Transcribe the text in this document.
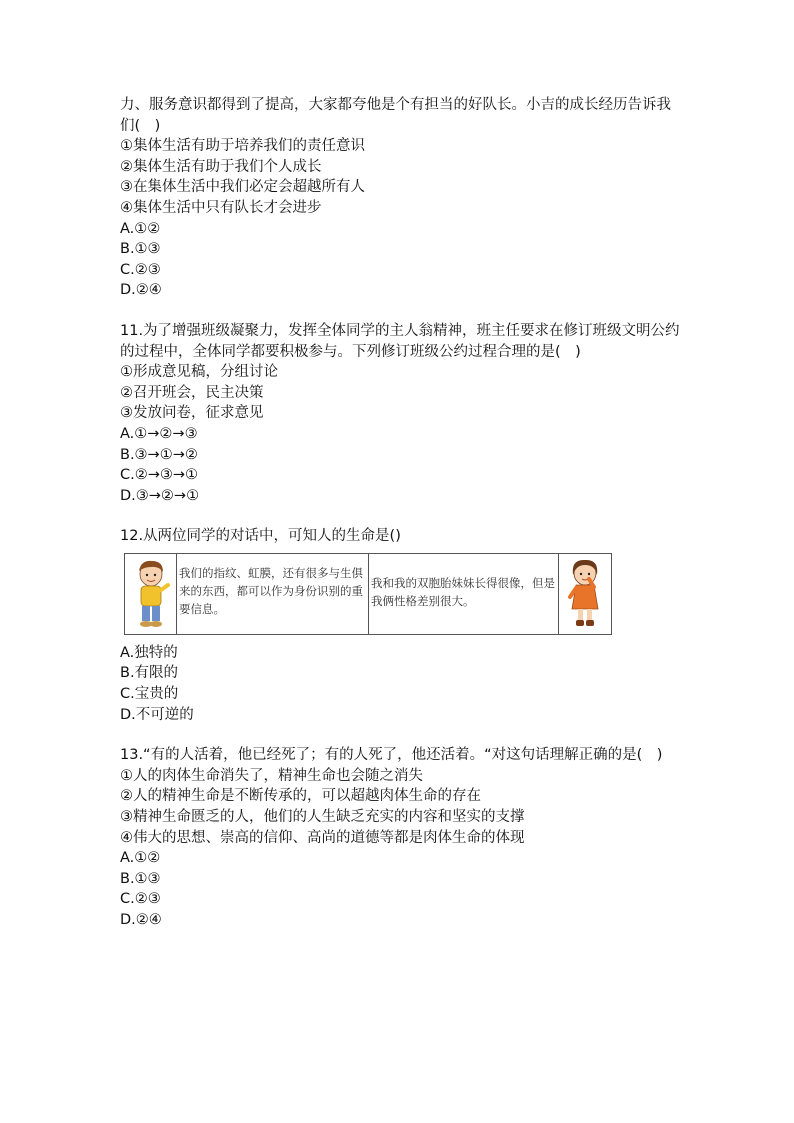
力、服务意识都得到了提高，大家都夸他是个有担当的好队长。小吉的成长经历告诉我们(　)
①集体生活有助于培养我们的责任意识
②集体生活有助于我们个人成长
③在集体生活中我们必定会超越所有人
④集体生活中只有队长才会进步
A.①②
B.①③
C.②③
D.②④
11.为了增强班级凝聚力，发挥全体同学的主人翁精神，班主任要求在修订班级文明公约的过程中，全体同学都要积极参与。下列修订班级公约过程合理的是(　)
①形成意见稿，分组讨论
②召开班会，民主决策
③发放问卷，征求意见
A.①→②→③
B.③→①→②
C.②→③→①
D.③→②→①
12.从两位同学的对话中，可知人的生命是()
我们的指纹、虹膜，还有很多与生俱来的东西，都可以作为身份识别的重要信息。
我和我的双胞胎妹妹长得很像，但是我俩性格差别很大。
A.独特的
B.有限的
C.宝贵的
D.不可逆的
13.“有的人活着，他已经死了；有的人死了，他还活着。“对这句话理解正确的是(　)
①人的肉体生命消失了，精神生命也会随之消失
②人的精神生命是不断传承的，可以超越肉体生命的存在
③精神生命匮乏的人，他们的人生缺乏充实的内容和坚实的支撑
④伟大的思想、崇高的信仰、高尚的道德等都是肉体生命的体现
A.①②
B.①③
C.②③
D.②④
